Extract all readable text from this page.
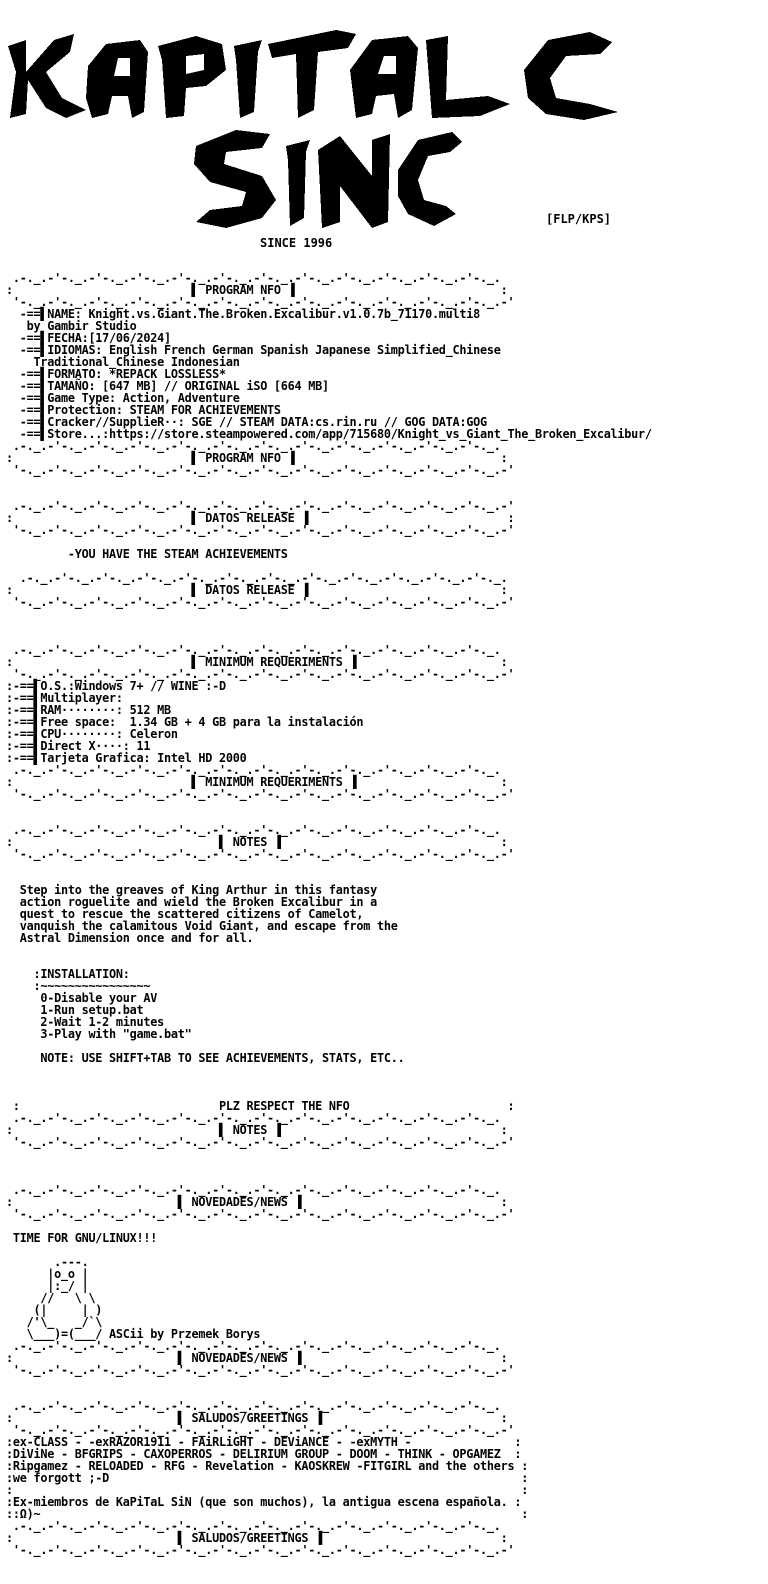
[FLP/KPS]
SINCE 1996
.-._.-'-._.-'-._.-'-._.-'-._.-'-._.-'-._.-'-._.-'-._.-'-._.-'-._.-'-._.
:                          ▌ PROGRAM NFO ▐                              :
'-._.-'-._.-'-._.-'-._.-'-._.-'-._.-'-._.-'-._.-'-._.-'-._.-'-._.-'-._.-'
-==▌NAME: Knight.vs.Giant.The.Broken.Excalibur.v1.0.7b_71170.multi8
by Gambir Studio
-==▌FECHA:[17/06/2024]
-==▌IDIOMAS: English French German Spanish Japanese Simplified_Chinese
Traditional_Chinese Indonesian
-==▌FORMATO: *REPACK LOSSLESS*
-==▌TAMAÑO: [647 MB] // ORIGINAL iSO [664 MB]
-==▌Game Type: Action, Adventure
-==▌Protection: STEAM FOR ACHIEVEMENTS
-==▌Cracker//SupplieR··: SGE // STEAM DATA:cs.rin.ru // GOG DATA:GOG
-==▌Store...:https://store.steampowered.com/app/715680/Knight_vs_Giant_The_Broken_Excalibur/
.-._.-'-._.-'-._.-'-._.-'-._.-'-._.-'-._.-'-._.-'-._.-'-._.-'-._.-'-._.
:                          ▌ PROGRAM NFO ▐                              :
'-._.-'-._.-'-._.-'-._.-'-._.-'-._.-'-._.-'-._.-'-._.-'-._.-'-._.-'-._.-'

.-._.-'-._.-'-._.-'-._.-'-._.-'-._.-'-._.-'-._.-'-._.-'-._.-'-._.-'-._.-'
:                          ▌ DATOS RELEASE ▐                             :
'-._.-'-._.-'-._.-'-._.-'-._.-'-._.-'-._.-'-._.-'-._.-'-._.-'-._.-'-._.-'

-YOU HAVE THE STEAM ACHIEVEMENTS

.-._.-'-._.-'-._.-'-._.-'-._.-'-._.-'-._.-'-._.-'-._.-'-._.-'-._.-'-._.
:                          ▌ DATOS RELEASE ▐                            :
'-._.-'-._.-'-._.-'-._.-'-._.-'-._.-'-._.-'-._.-'-._.-'-._.-'-._.-'-._.-'

.-._.-'-._.-'-._.-'-._.-'-._.-'-._.-'-._.-'-._.-'-._.-'-._.-'-._.-'-._.
:                          ▌ MINIMUM REQUERIMENTS ▐                     :
'-._.-'-._.-'-._.-'-._.-'-._.-'-._.-'-._.-'-._.-'-._.-'-._.-'-._.-'-._.-'
:-==▌O.S.:Windows 7+ // WINE :-D
:-==▌Multiplayer:
:-==▌RAM········: 512 MB
:-==▌Free space:  1.34 GB + 4 GB para la instalación
:-==▌CPU········: Celeron
:-==▌Direct X····: 11
:-==▌Tarjeta Grafica: Intel HD 2000
.-._.-'-._.-'-._.-'-._.-'-._.-'-._.-'-._.-'-._.-'-._.-'-._.-'-._.-'-._.
:                          ▌ MINIMUM REQUERIMENTS ▐                     :
'-._.-'-._.-'-._.-'-._.-'-._.-'-._.-'-._.-'-._.-'-._.-'-._.-'-._.-'-._.-'

.-._.-'-._.-'-._.-'-._.-'-._.-'-._.-'-._.-'-._.-'-._.-'-._.-'-._.-'-._.
:                              ▌ NOTES ▐                                :
'-._.-'-._.-'-._.-'-._.-'-._.-'-._.-'-._.-'-._.-'-._.-'-._.-'-._.-'-._.-'

Step into the greaves of King Arthur in this fantasy
action roguelite and wield the Broken Excalibur in a
quest to rescue the scattered citizens of Camelot,
vanquish the calamitous Void Giant, and escape from the
Astral Dimension once and for all.

:INSTALLATION:
:~~~~~~~~~~~~~~~~
0-Disable your AV
1-Run setup.bat
2-Wait 1-2 minutes
3-Play with "game.bat"

NOTE: USE SHIFT+TAB TO SEE ACHIEVEMENTS, STATS, ETC..

:                             PLZ RESPECT THE NFO                       :
.-._.-'-._.-'-._.-'-._.-'-._.-'-._.-'-._.-'-._.-'-._.-'-._.-'-._.-'-._.
:                              ▌ NOTES ▐                                :
'-._.-'-._.-'-._.-'-._.-'-._.-'-._.-'-._.-'-._.-'-._.-'-._.-'-._.-'-._.-'

.-._.-'-._.-'-._.-'-._.-'-._.-'-._.-'-._.-'-._.-'-._.-'-._.-'-._.-'-._.
:                        ▌ NOVEDADES/NEWS ▐                             :
'-._.-'-._.-'-._.-'-._.-'-._.-'-._.-'-._.-'-._.-'-._.-'-._.-'-._.-'-._.-'

TIME FOR GNU/LINUX!!!

.---.
|o_o |
|:_/ |
//   \ \
(|     | )
/'\_   _/`\
\___)=(___/ ASCii by Przemek Borys
.-._.-'-._.-'-._.-'-._.-'-._.-'-._.-'-._.-'-._.-'-._.-'-._.-'-._.-'-._.
:                        ▌ NOVEDADES/NEWS ▐                             :
'-._.-'-._.-'-._.-'-._.-'-._.-'-._.-'-._.-'-._.-'-._.-'-._.-'-._.-'-._.-'

.-._.-'-._.-'-._.-'-._.-'-._.-'-._.-'-._.-'-._.-'-._.-'-._.-'-._.-'-._.
:                        ▌ SALUDOS/GREETINGS ▐                          :
'-._.-'-._.-'-._.-'-._.-'-._.-'-._.-'-._.-'-._.-'-._.-'-._.-'-._.-'-._.-'
:ex-CLASS - -exRAZOR1911 - FAiRLiGHT - DEViANCE - -exMYTH -               :
:DiViNe - BFGRIPS - CAXOPERROS - DELIRIUM GROUP - DOOM - THINK - OPGAMEZ  :
:Ripgamez - RELOADED - RFG - Revelation - KAOSKREW -FITGIRL and the others :
:we forgott ;-D                                                            :
:                                                                          :
:Ex-miembros de KaPiTaL SiN (que son muchos), la antigua escena española. :
::Ω)~                                                                      :
.-._.-'-._.-'-._.-'-._.-'-._.-'-._.-'-._.-'-._.-'-._.-'-._.-'-._.-'-._.
:                        ▌ SALUDOS/GREETINGS ▐                          :
'-._.-'-._.-'-._.-'-._.-'-._.-'-._.-'-._.-'-._.-'-._.-'-._.-'-._.-'-._.-'
